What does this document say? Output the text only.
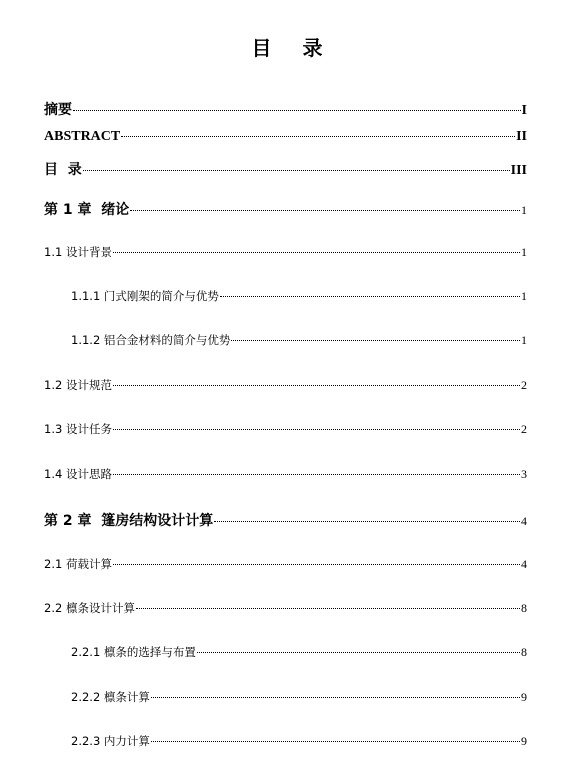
目 录
摘要	I
ABSTRACT	II
目  录	III
第 1 章  绪论	1
1.1 设计背景	1
1.1.1 门式刚架的简介与优势	1
1.1.2 铝合金材料的简介与优势	1
1.2 设计规范	2
1.3 设计任务	2
1.4 设计思路	3
第 2 章  篷房结构设计计算	4
2.1 荷载计算	4
2.2 檩条设计计算	8
2.2.1 檩条的选择与布置	8
2.2.2 檩条计算	9
2.2.3 内力计算	9
